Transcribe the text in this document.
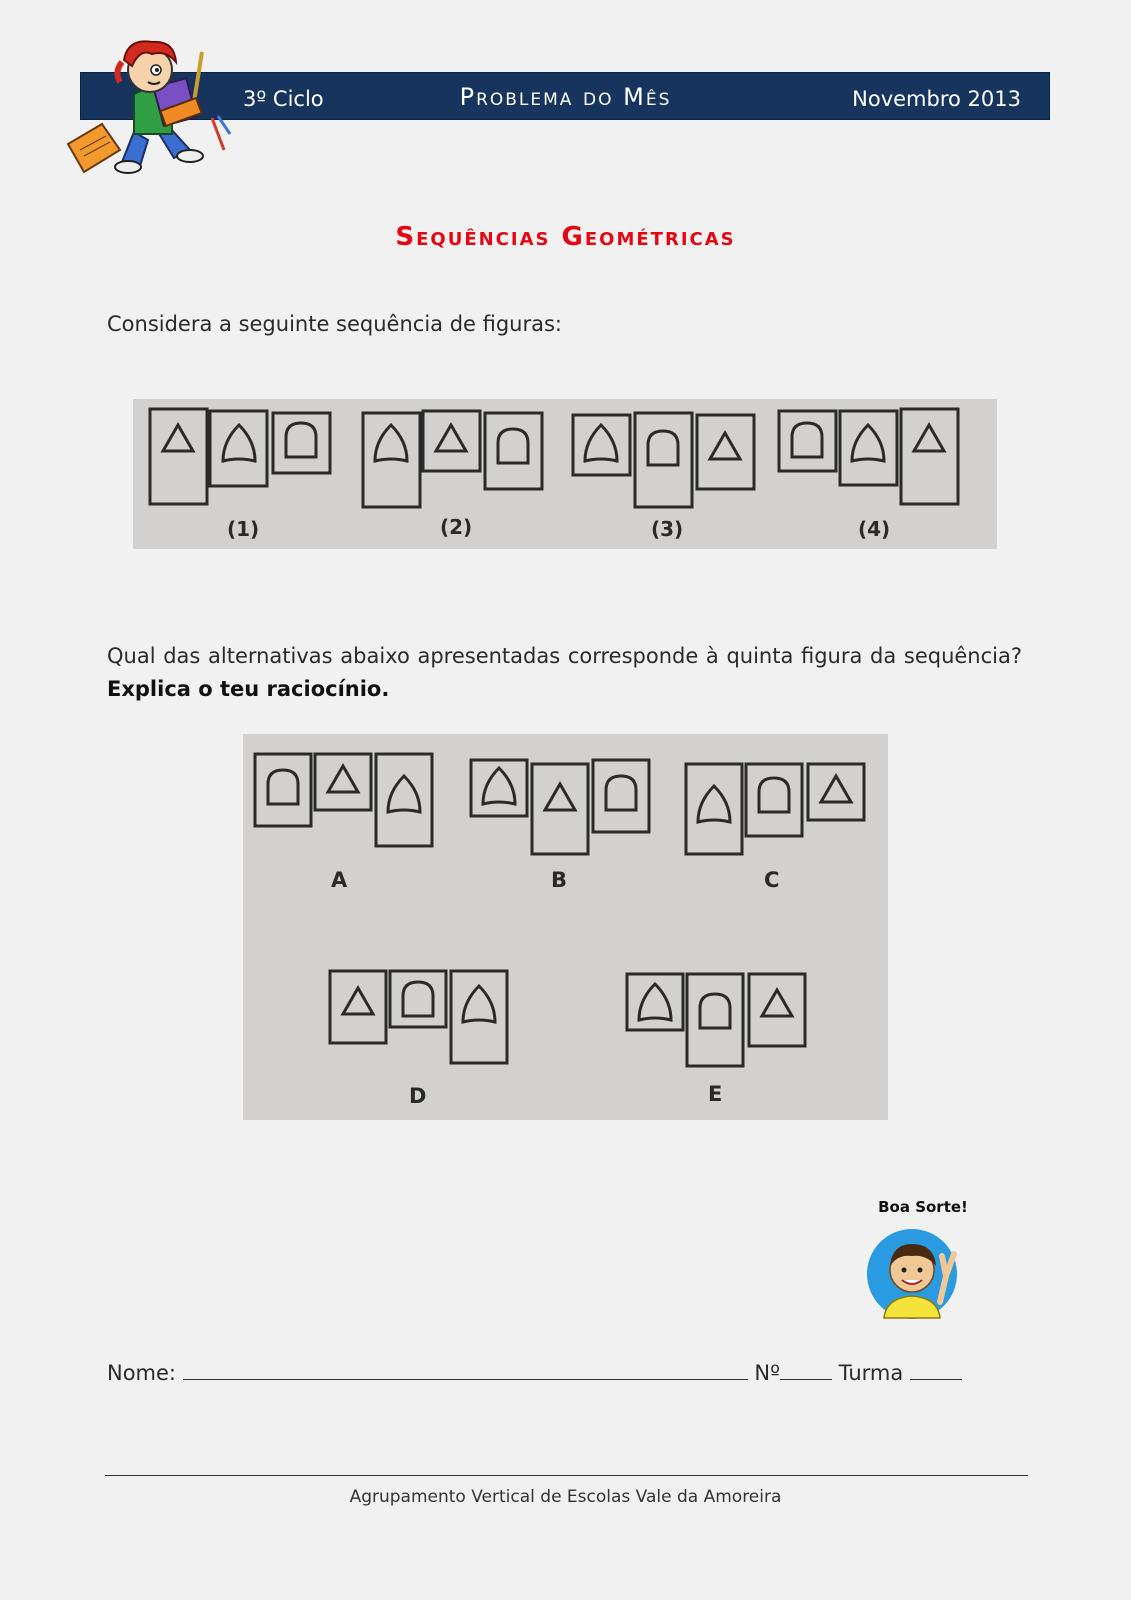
3º Ciclo	Problema do Mês	Novembro 2013
Sequências Geométricas

Considera a seguinte sequência de figuras:

(1)	(2)	(3)	(4)

Qual das alternativas abaixo apresentadas corresponde à quinta figura da sequência? Explica o teu raciocínio.

A	B	C
D	E
Boa Sorte!
Nome:	Nº	Turma
Agrupamento Vertical de Escolas Vale da Amoreira
